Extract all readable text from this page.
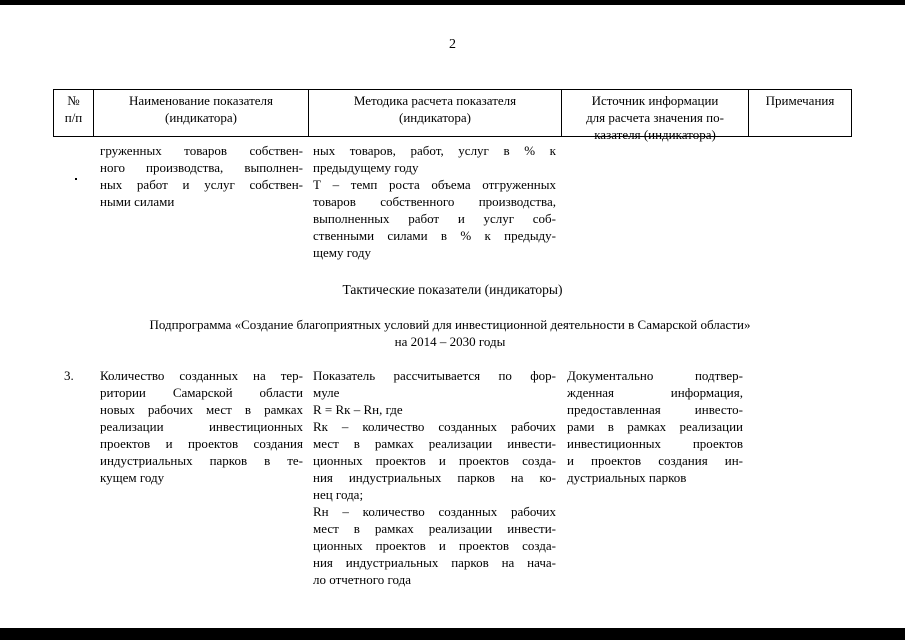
2
№
п/п
Наименование показателя
(индикатора)
Методика расчета показателя
(индикатора)
Источник информации
для расчета значения по-
казателя (индикатора)
Примечания
груженных товаров собствен-
ного производства, выполнен-
ных работ и услуг собствен-
ными силами
ных товаров, работ, услуг в % к
предыдущему году
Т – темп роста объема отгруженных
товаров собственного производства,
выполненных работ и услуг соб-
ственными силами в % к предыду-
щему году
Тактические показатели (индикаторы)
Подпрограмма «Создание благоприятных условий для инвестиционной деятельности в Самарской области»
на 2014 – 2030 годы
3. Количество созданных на тер-
ритории Самарской области
новых рабочих мест в рамках
реализации инвестиционных
проектов и проектов создания
индустриальных парков в те-
кущем году
Показатель рассчитывается по фор-
муле
R = Rк – Rн, где
Rк – количество созданных рабочих
мест в рамках реализации инвести-
ционных проектов и проектов созда-
ния индустриальных парков на ко-
нец года;
Rн – количество созданных рабочих
мест в рамках реализации инвести-
ционных проектов и проектов созда-
ния индустриальных парков на нача-
ло отчетного года
Документально подтвер-
жденная информация,
предоставленная инвесто-
рами в рамках реализации
инвестиционных проектов
и проектов создания ин-
дустриальных парков
